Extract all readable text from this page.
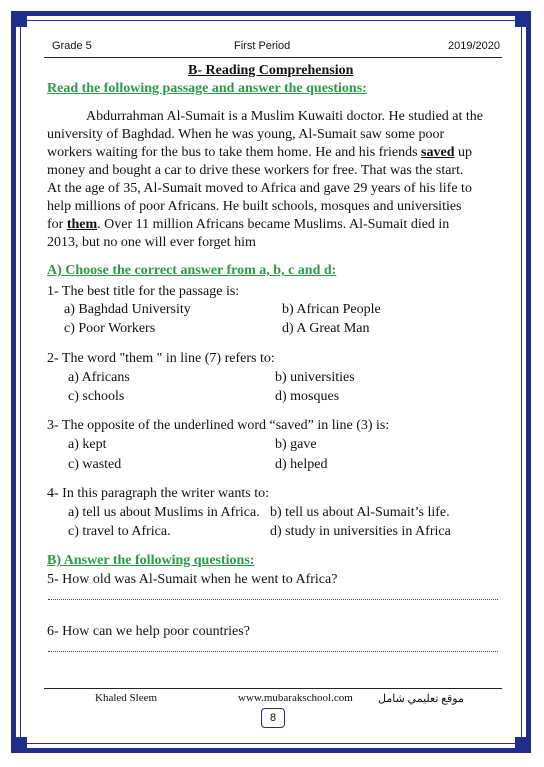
Grade 5	First Period	2019/2020
B- Reading Comprehension
Read the following passage and answer the questions:
Abdurrahman Al-Sumait is a Muslim Kuwaiti doctor. He studied at the
university of Baghdad. When he was young, Al-Sumait saw some poor
workers waiting for the bus to take them home. He and his friends saved up
money and bought a car to drive these workers for free. That was the start.
At the age of 35, Al-Sumait moved to Africa and gave 29 years of his life to
help millions of poor Africans. He built schools, mosques and universities
for them. Over 11 million Africans became Muslims. Al-Sumait died in
2013, but no one will ever forget him
A) Choose the correct answer from a, b, c and d:
1- The best title for the passage is:
a) Baghdad University	b) African People
c) Poor Workers	d) A Great Man
2- The word "them " in line (7) refers to:
a) Africans	b) universities
c) schools	d) mosques
3- The opposite of the underlined word “saved” in line (3) is:
a) kept	b) gave
c) wasted	d) helped
4- In this paragraph the writer wants to:
a) tell us about Muslims in Africa. b) tell us about Al-Sumait’s life.
c) travel to Africa.	d) study in universities in Africa
B) Answer the following questions:
5- How old was Al-Sumait when he went to Africa?
6- How can we help poor countries?
Khaled Sleem	www.mubarakschool.com موقع تعليمي شامل
8
